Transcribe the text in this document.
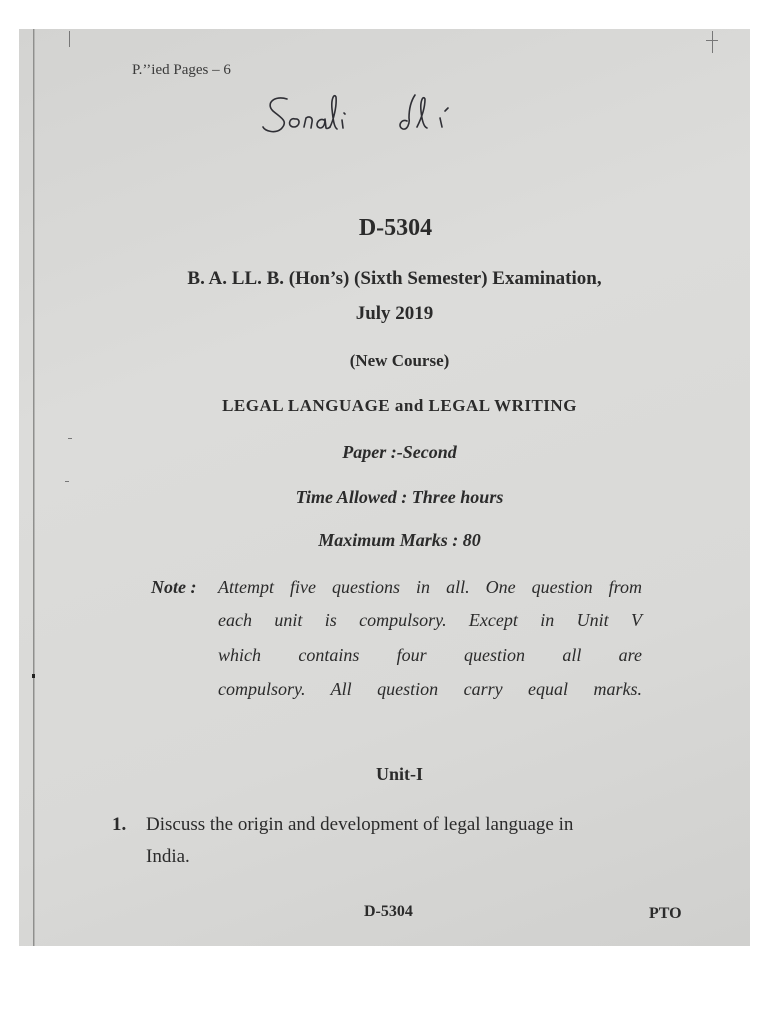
P.’’ied Pages – 6
D-5304
B. A. LL. B. (Hon’s) (Sixth Semester) Examination,
July 2019
(New Course)
LEGAL LANGUAGE and LEGAL WRITING
Paper :-Second
Time Allowed : Three hours
Maximum Marks : 80
Note : Attempt five questions in all. One question from
each unit is compulsory. Except in Unit V
which contains four question all are
compulsory. All question carry equal marks.
Unit-I
1. Discuss the origin and development of legal language in
India.
D-5304	PTO
